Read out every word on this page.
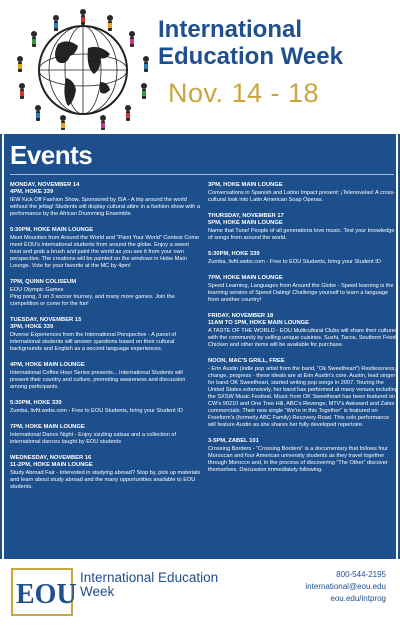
International Education Week
Nov. 14 - 18
Events
MONDAY, NOVEMBER 14
4PM, HOKE 339
IEW Kick Off Fashion Show, Sponsored by ISA - A trip around the world without the jetlag! Students will display cultural attire in a fashion show with a performance by the African Drumming Ensemble.
5:30PM, HOKE MAIN LOUNGE
Meet Mounties from Around the World and “Paint Your World” Contest Come meet EOU's international students from around the globe. Enjoy a sweet treat and grab a brush and paint the world as you see it from your own perspective. The creations will be painted on the windows in Hoke Main Lounge. Vote for your favorite at the MC by 4pm!
7PM, QUINN COLISEUM
EOU Olympic Games
Ping pong, 3 on 3 soccer tourney, and many more games. Join the competition or come for the fun!
TUESDAY, NOVEMBER 15
3PM, HOKE 339
Diverse Experiences from the International Perspective - A panel of international students will answer questions based on their cultural backgrounds and English as a second language experiences.
4PM, HOKE MAIN LOUNGE
International Coffee Hour Series presents... International Students will present their country and culture, promoting awareness and discussion among participants.
5:30PM, HOKE 339
Zumba, livfit.webs.com - Free to EOU Students, bring your Student ID
7PM, HOKE MAIN LOUNGE
International Dance Night - Enjoy sizzling salsas and a collection of international dances taught by EOU students
WEDNESDAY, NOVEMBER 16
11-2PM, HOKE MAIN LOUNGE
Study Abroad Fair - Interested in studying abroad? Stop by, pick up materials and learn about study abroad and the many opportunities available to EOU students.
3PM, HOKE MAIN LOUNGE
Conversations in Spanish and Latino Impact present: ¡Telenovelas! A cross-cultural look into Latin American Soap Operas.
THURSDAY, NOVEMBER 17
5PM, HOKE MAIN LOUNGE
Name that Tune! People of all generations love music. Test your knowledge of songs from around the world.
5:30PM, HOKE 339
Zumba, livfit.webs.com - Free to EOU Students, bring your Student ID
7PM, HOKE MAIN LOUNGE
Speed Learning, Languages from Around the Globe - Speed learning is the learning version of Speed Dating! Challenge yourself to learn a language from another country!
FRIDAY, NOVEMBER 18
11AM TO 1PM, HOKE MAIN LOUNGE
A TASTE OF THE WORLD - EOU Multicultural Clubs will share their cultures with the community by selling unique cuisines. Sushi, Tacos, Southern Fried Chicken and other items will be available for purchase.
NOON, MAC'S GRILL, FREE
- Erin Austin (indie pop artist from the band, “Ok Sweetheart”) Restlessness, change, progress - these ideals are at Erin Austin's core. Austin, lead singer for band OK Sweetheart, started writing pop songs in 2007. Touring the United States extensively, her band has performed at many venues including the SXSW Music Festival. Music from OK Sweetheart has been featured on CW's 90210 and One Tree Hill, ABC's Revenge, MTV's Awkward and Zales commercials. Their new single “We're in this Together” is featured on Freeform's (formerly ABC Family) Recovery Road. This solo performance will feature Austin as she shares her fully developed repertoire.
3-5PM, ZABEL 101
Crossing Borders - “Crossing Borders” is a documentary that follows four Moroccan and four American university students as they travel together through Morocco and, in the process of discovering “The Other” discover themselves. Discussion immediately following.
EOU
International Education Week
800-544-2195
international@eou.edu
eou.edu/intprog
